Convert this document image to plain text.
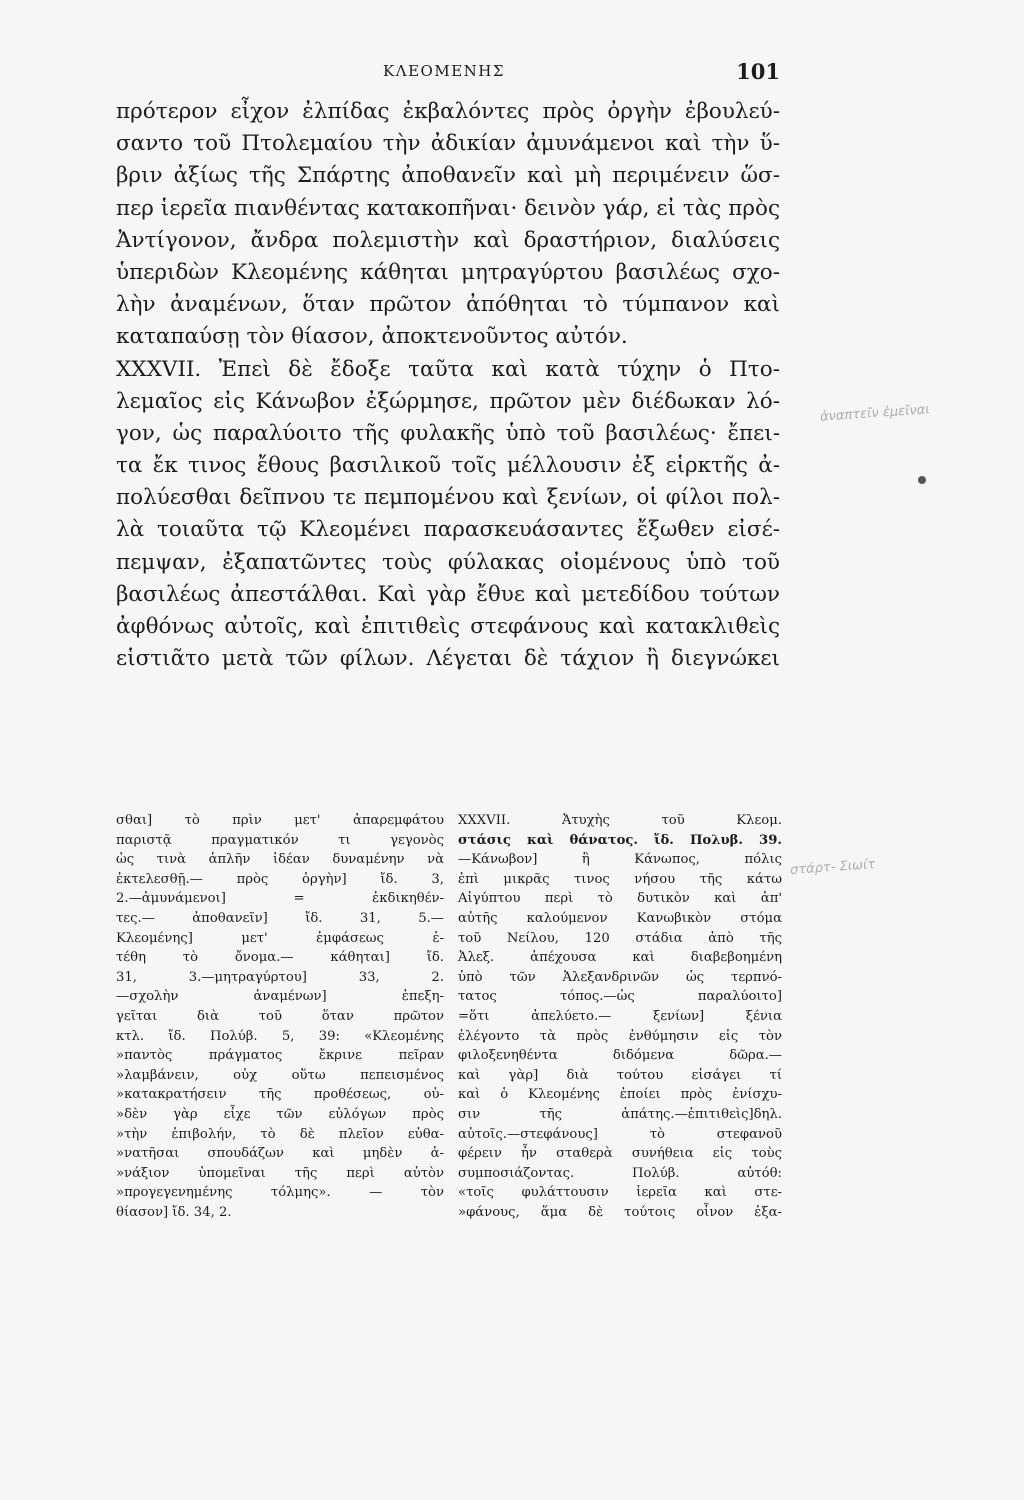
ΚΛΕΟΜΕΝΗΣ	101
πρότερον εἶχον ἐλπίδας ἐκβαλόντες πρὸς ὀργὴν ἐβουλεύ-
σαντο τοῦ Πτολεμαίου τὴν ἀδικίαν ἀμυνάμενοι καὶ τὴν ὕ-
βριν ἀξίως τῆς Σπάρτης ἀποθανεῖν καὶ μὴ περιμένειν ὥσ-
περ ἱερεῖα πιανθέντας κατακοπῆναι· δεινὸν γάρ, εἰ τὰς πρὸς
Ἀντίγονον, ἄνδρα πολεμιστὴν καὶ δραστήριον, διαλύσεις
ὑπεριδὼν Κλεομένης κάθηται μητραγύρτου βασιλέως σχο-
λὴν ἀναμένων, ὅταν πρῶτον ἀπόθηται τὸ τύμπανον καὶ
καταπαύσῃ τὸν θίασον, ἀποκτενοῦντος αὐτόν.
XXXVII. Ἐπεὶ δὲ ἔδοξε ταῦτα καὶ κατὰ τύχην ὁ Πτο-
λεμαῖος εἰς Κάνωβον ἐξώρμησε, πρῶτον μὲν διέδωκαν λό-
γον, ὡς παραλύοιτο τῆς φυλακῆς ὑπὸ τοῦ βασιλέως· ἔπει-
τα ἔκ τινος ἔθους βασιλικοῦ τοῖς μέλλουσιν ἐξ εἱρκτῆς ἀ-
πολύεσθαι δεῖπνου τε πεμπομένου καὶ ξενίων, οἱ φίλοι πολ-
λὰ τοιαῦτα τῷ Κλεομένει παρασκευάσαντες ἔξωθεν εἰσέ-
πεμψαν, ἐξαπατῶντες τοὺς φύλακας οἰομένους ὑπὸ τοῦ
βασιλέως ἀπεστάλθαι. Καὶ γὰρ ἔθυε καὶ μετεδίδου τούτων
ἀφθόνως αὐτοῖς, καὶ ἐπιτιθεὶς στεφάνους καὶ κατακλιθεὶς
εἱστιᾶτο μετὰ τῶν φίλων. Λέγεται δὲ τάχιον ἢ διεγνώκει
σθαι] τὸ πρὶν μετ' ἀπαρεμφάτου
παριστᾷ πραγματικόν τι γεγονὸς
ὡς τινὰ ἁπλῆν ἰδέαν δυναμένην νὰ
ἐκτελεσθῇ.— πρὸς ὀργὴν] ἴδ. 3,
2.—ἀμυνάμενοι] = ἐκδικηθέν-
τες.— ἀποθανεῖν] ἴδ. 31, 5.—
Κλεομένης] μετ' ἐμφάσεως ἐ-
τέθη τὸ ὄνομα.— κάθηται] ἴδ.
31, 3.—μητραγύρτου] 33, 2.
—σχολὴν ἀναμένων] ἐπεξη-
γεῖται διὰ τοῦ ὅταν πρῶτον
κτλ. ἴδ. Πολύβ. 5, 39: «Κλεομένης
»παντὸς πράγματος ἔκρινε πεῖραν
»λαμβάνειν, οὐχ οὕτω πεπεισμένος
»κατακρατήσειν τῆς προθέσεως, οὐ-
»δὲν γὰρ εἶχε τῶν εὐλόγων πρὸς
»τὴν ἐπιβολήν, τὸ δὲ πλεῖον εὐθα-
»νατῆσαι σπουδάζων καὶ μηδὲν ἀ-
»νάξιον ὑπομεῖναι τῆς περὶ αὐτὸν
»προγεγενημένης τόλμης». — τὸν
θίασον] ἴδ. 34, 2.
XXXVII. Ἀτυχὴς τοῦ Κλεομ.
στάσις καὶ θάνατος. ἴδ. Πολυβ. 39.
—Κάνωβον] ἢ Κάνωπος, πόλις
ἐπὶ μικρᾶς τινος νήσου τῆς κάτω
Αἰγύπτου περὶ τὸ δυτικὸν καὶ ἀπ'
αὐτῆς καλούμενον Κανωβικὸν στόμα
τοῦ Νείλου, 120 στάδια ἀπὸ τῆς
Ἀλεξ. ἀπέχουσα καὶ διαβεβοημένη
ὑπὸ τῶν Ἀλεξανδρινῶν ὡς τερπνό-
τατος τόπος.—ὡς παραλύοιτο]
=ὅτι ἀπελύετο.— ξενίων] ξένια
ἐλέγοντο τὰ πρὸς ἐνθύμησιν εἰς τὸν
φιλοξενηθέντα διδόμενα δῶρα.—
καὶ γὰρ] διὰ τούτου εἰσάγει τί
καὶ ὁ Κλεομένης ἐποίει πρὸς ἐνίσχυ-
σιν τῆς ἀπάτης.—ἐπιτιθεὶς]δηλ.
αὐτοῖς.—στεφάνους] τὸ στεφανοῦ
φέρειν ἦν σταθερὰ συνήθεια εἰς τοὺς
συμποσιάζοντας. Πολύβ. αὐτόθ:
«τοῖς φυλάττουσιν ἱερεῖα καὶ στε-
»φάνους, ἅμα δὲ τούτοις οἶνον ἐξα-
ἀναπτεῖν ἐμεῖναι
στάρτ- Σιωίτ
